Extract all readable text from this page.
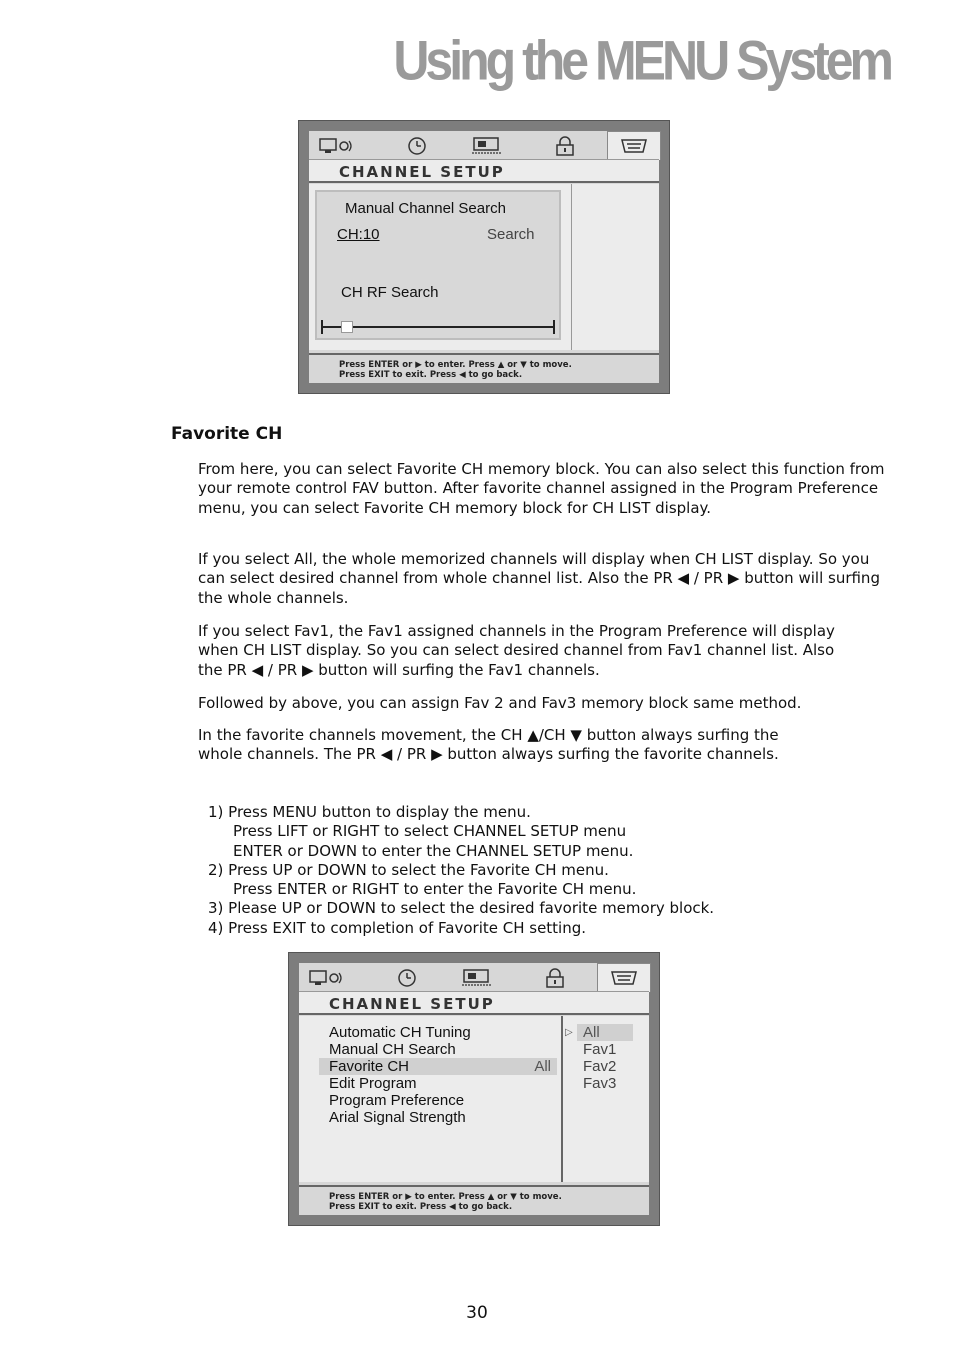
Using the MENU System
CHANNEL SETUP
Manual Channel Search
CH:10	Search
CH RF Search
Press ENTER or ▶ to enter. Press ▲ or ▼ to move.
Press EXIT to exit. Press ◀ to go back.
Favorite CH
From here, you can select Favorite CH memory block. You can also select this function from your remote control FAV button. After favorite channel assigned in the Program Preference menu, you can select Favorite CH memory block for CH LIST display.
If you select All, the whole memorized channels will display when CH LIST display. So you can select desired channel from whole channel list. Also the PR ◀ / PR ▶ button will surfing the whole channels.
If you select Fav1, the Fav1 assigned channels in the Program Preference will display when CH LIST display. So you can select desired channel from Fav1 channel list. Also the PR ◀ / PR ▶ button will surfing the Fav1 channels.
Followed by above, you can assign Fav 2 and Fav3 memory block same method.
In the favorite channels movement, the CH ▲/CH ▼ button always surfing the whole channels. The PR ◀ / PR ▶ button always surfing the favorite channels.
1) Press MENU button to display the menu.
Press LIFT or RIGHT to select CHANNEL SETUP menu
ENTER or DOWN to enter the CHANNEL SETUP menu.
2) Press UP or DOWN to select the Favorite CH menu.
Press ENTER or RIGHT to enter the Favorite CH menu.
3) Please UP or DOWN to select the desired favorite memory block.
4) Press EXIT to completion of Favorite CH setting.
CHANNEL SETUP
Automatic CH Tuning
Manual CH Search
Favorite CH	All
Edit Program
Program Preference
Arial Signal Strength
▷ All
Fav1
Fav2
Fav3
Press ENTER or ▶ to enter. Press ▲ or ▼ to move.
Press EXIT to exit. Press ◀ to go back.
30
